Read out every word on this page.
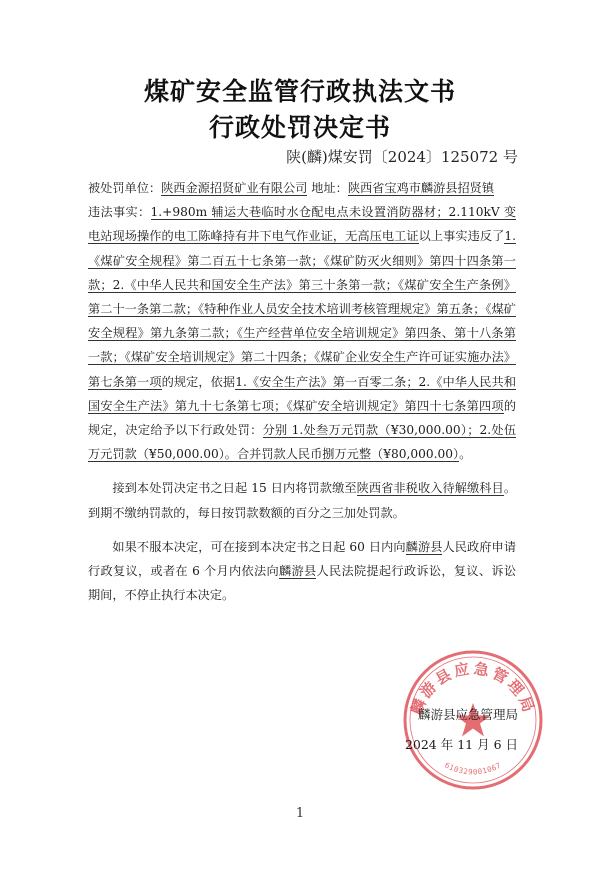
煤矿安全监管行政执法文书
行政处罚决定书
陕(麟)煤安罚〔2024〕125072 号

被处罚单位：陕西金源招贤矿业有限公司 地址：陕西省宝鸡市麟游县招贤镇

违法事实：1.+980m 辅运大巷临时水仓配电点未设置消防器材；2.110kV 变电站现场操作的电工陈峰持有井下电气作业证，无高压电工证以上事实违反了1.《煤矿安全规程》第二百五十七条第一款；《煤矿防灭火细则》第四十四条第一款；2.《中华人民共和国安全生产法》第三十条第一款；《煤矿安全生产条例》第二十一条第二款；《特种作业人员安全技术培训考核管理规定》第五条；《煤矿安全规程》第九条第二款；《生产经营单位安全培训规定》第四条、第十八条第一款；《煤矿安全培训规定》第二十四条；《煤矿企业安全生产许可证实施办法》第七条第一项的规定，依据1.《安全生产法》第一百零二条；2.《中华人民共和国安全生产法》第九十七条第七项；《煤矿安全培训规定》第四十七条第四项的规定，决定给予以下行政处罚：分别 1.处叁万元罚款（¥30,000.00）；2.处伍万元罚款（¥50,000.00）。合并罚款人民币捌万元整（¥80,000.00）。

接到本处罚决定书之日起 15 日内将罚款缴至陕西省非税收入待解缴科目。到期不缴纳罚款的，每日按罚款数额的百分之三加处罚款。

如果不服本决定，可在接到本决定书之日起 60 日内向麟游县人民政府申请行政复议，或者在 6 个月内依法向麟游县人民法院提起行政诉讼，复议、诉讼期间，不停止执行本决定。

麟游县应急管理局
610329001067
麟游县应急管理局
2024 年 11 月 6 日
1
